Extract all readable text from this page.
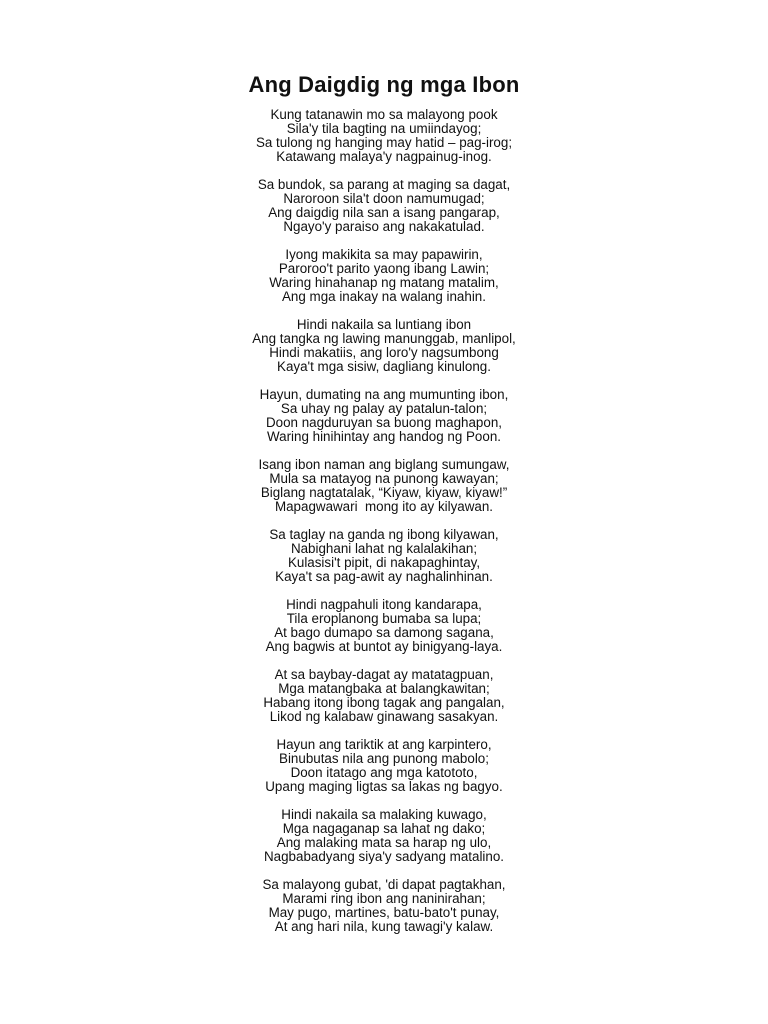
Ang Daigdig ng mga Ibon
Kung tatanawin mo sa malayong pook
Sila'y tila bagting na umiindayog;
Sa tulong ng hanging may hatid – pag-irog;
Katawang malaya'y nagpainug-inog.
Sa bundok, sa parang at maging sa dagat,
Naroroon sila't doon namumugad;
Ang daigdig nila san a isang pangarap,
Ngayo'y paraiso ang nakakatulad.
Iyong makikita sa may papawirin,
Paroroo't parito yaong ibang Lawin;
Waring hinahanap ng matang matalim,
Ang mga inakay na walang inahin.
Hindi nakaila sa luntiang ibon
Ang tangka ng lawing manunggab, manlipol,
Hindi makatiis, ang loro'y nagsumbong
Kaya't mga sisiw, dagliang kinulong.
Hayun, dumating na ang mumunting ibon,
Sa uhay ng palay ay patalun-talon;
Doon nagduruyan sa buong maghapon,
Waring hinihintay ang handog ng Poon.
Isang ibon naman ang biglang sumungaw,
Mula sa matayog na punong kawayan;
Biglang nagtatalak, “Kiyaw, kiyaw, kiyaw!”
Mapagwawari  mong ito ay kilyawan.
Sa taglay na ganda ng ibong kilyawan,
Nabighani lahat ng kalalakihan;
Kulasisi't pipit, di nakapaghintay,
Kaya't sa pag-awit ay naghalinhinan.
Hindi nagpahuli itong kandarapa,
Tila eroplanong bumaba sa lupa;
At bago dumapo sa damong sagana,
Ang bagwis at buntot ay binigyang-laya.
At sa baybay-dagat ay matatagpuan,
Mga matangbaka at balangkawitan;
Habang itong ibong tagak ang pangalan,
Likod ng kalabaw ginawang sasakyan.
Hayun ang tariktik at ang karpintero,
Binubutas nila ang punong mabolo;
Doon itatago ang mga katototo,
Upang maging ligtas sa lakas ng bagyo.
Hindi nakaila sa malaking kuwago,
Mga nagaganap sa lahat ng dako;
Ang malaking mata sa harap ng ulo,
Nagbabadyang siya'y sadyang matalino.
Sa malayong gubat, 'di dapat pagtakhan,
Marami ring ibon ang naninirahan;
May pugo, martines, batu-bato't punay,
At ang hari nila, kung tawagi'y kalaw.
